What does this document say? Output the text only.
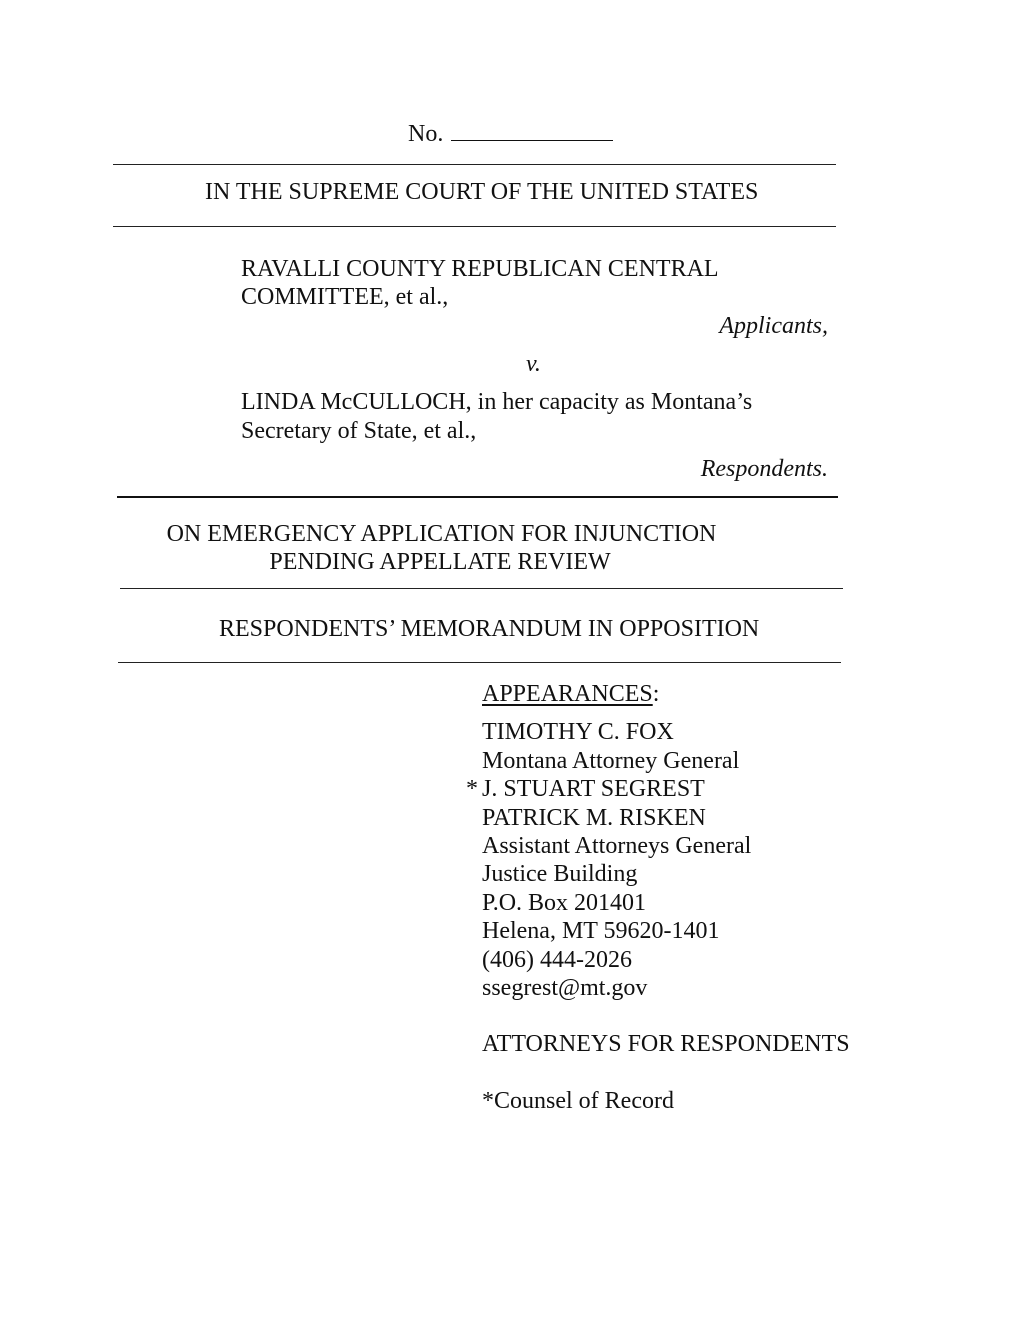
No.
IN THE SUPREME COURT OF THE UNITED STATES
RAVALLI COUNTY REPUBLICAN CENTRAL
COMMITTEE, et al.,
Applicants,
v.
LINDA McCULLOCH, in her capacity as Montana’s
Secretary of State, et al.,
Respondents.
ON EMERGENCY APPLICATION FOR INJUNCTION
PENDING APPELLATE REVIEW
RESPONDENTS’ MEMORANDUM IN OPPOSITION
APPEARANCES:
TIMOTHY C. FOX
Montana Attorney General
* J. STUART SEGREST
PATRICK M. RISKEN
Assistant Attorneys General
Justice Building
P.O. Box 201401
Helena, MT 59620-1401
(406) 444-2026
ssegrest@mt.gov
ATTORNEYS FOR RESPONDENTS
*Counsel of Record
